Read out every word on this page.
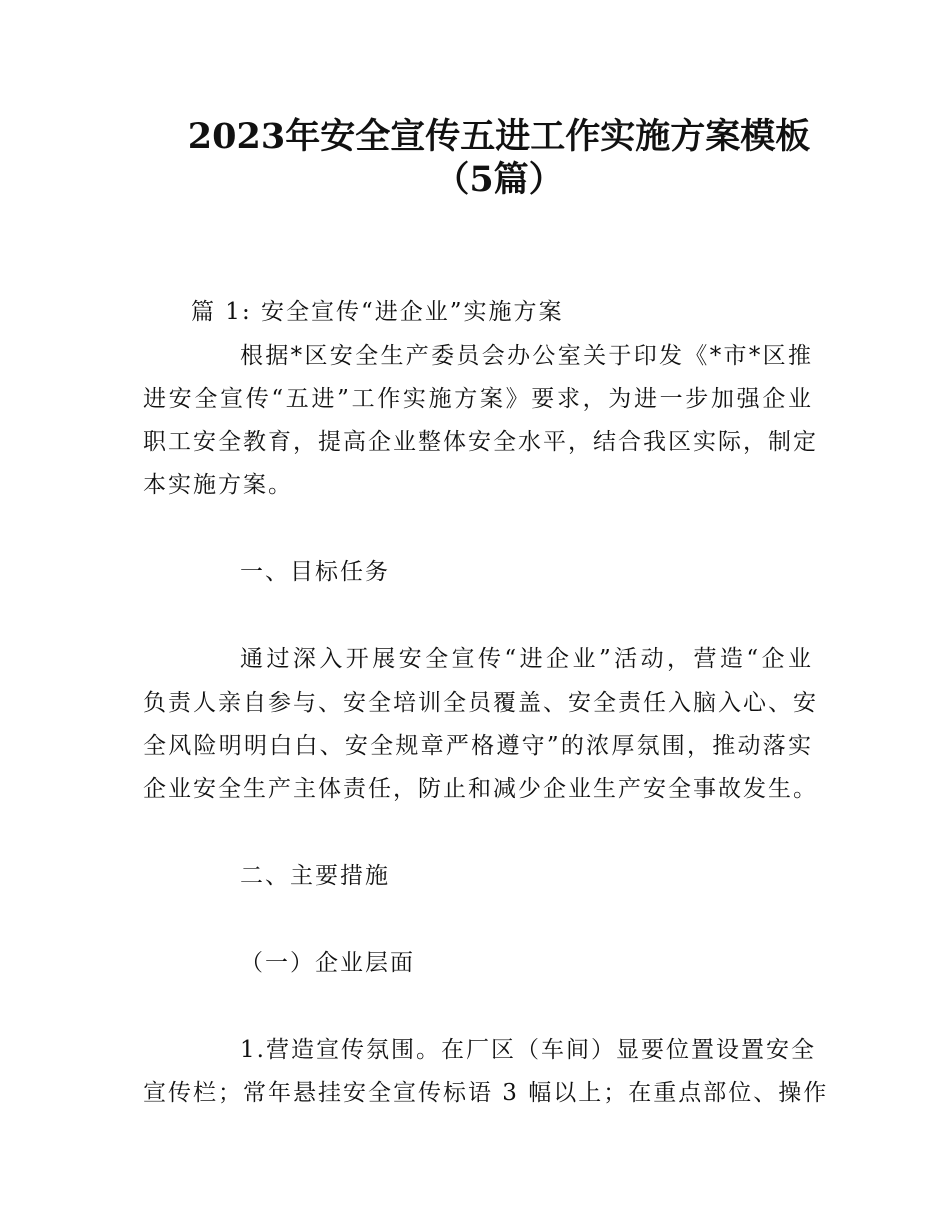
2023年安全宣传五进工作实施方案模板
（5篇）
篇 1: 安全宣传“进企业”实施方案
根据*区安全生产委员会办公室关于印发《*市*区推
进安全宣传“五进”工作实施方案》要求，为进一步加强企业
职工安全教育，提高企业整体安全水平，结合我区实际，制定
本实施方案。
一、目标任务
通过深入开展安全宣传“进企业”活动，营造“企业
负责人亲自参与、安全培训全员覆盖、安全责任入脑入心、安
全风险明明白白、安全规章严格遵守”的浓厚氛围，推动落实
企业安全生产主体责任，防止和减少企业生产安全事故发生。
二、主要措施
（一）企业层面
1.营造宣传氛围。在厂区（车间）显要位置设置安全
宣传栏；常年悬挂安全宣传标语 3 幅以上；在重点部位、操作
